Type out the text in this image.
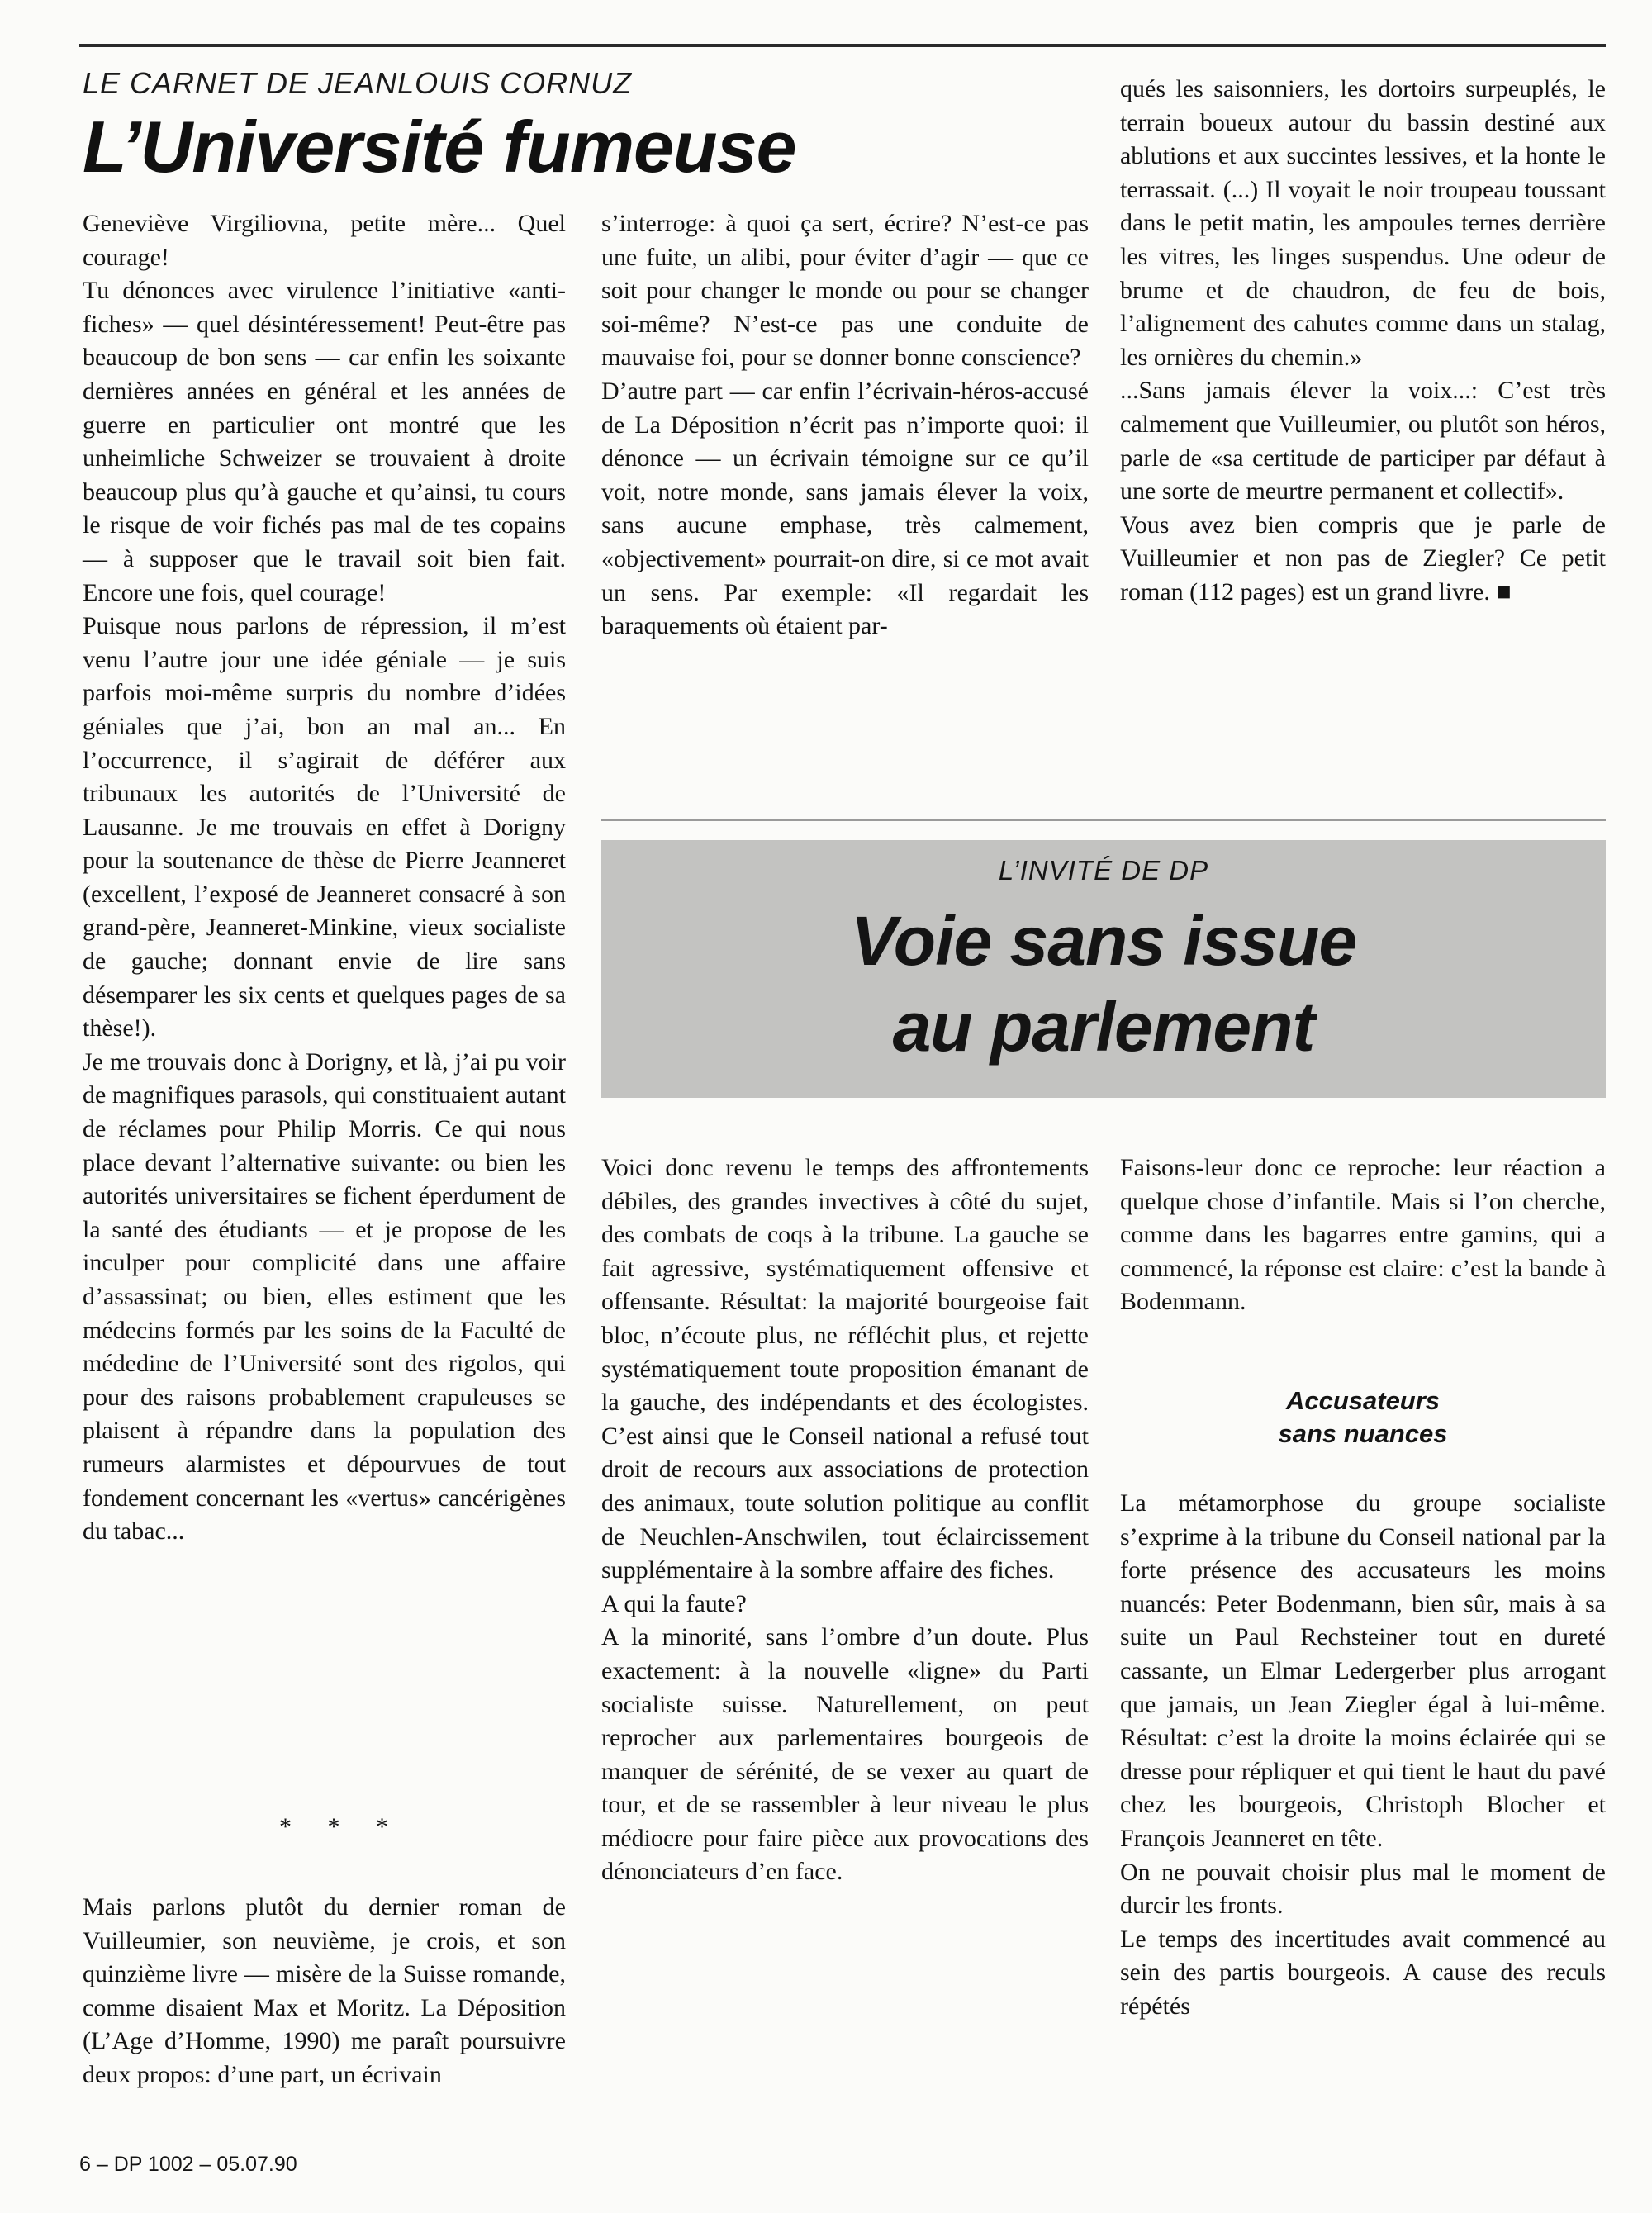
LE CARNET DE JEANLOUIS CORNUZ
L’Université fumeuse

Geneviève Virgiliovna, petite mère... Quel courage!

Tu dénonces avec virulence l’initiative «anti-fiches» — quel désintéressement! Peut-être pas beaucoup de bon sens — car enfin les soixante dernières années en général et les années de guerre en particulier ont montré que les unheimliche Schweizer se trouvaient à droite beaucoup plus qu’à gauche et qu’ainsi, tu cours le risque de voir fichés pas mal de tes copains — à supposer que le travail soit bien fait. Encore une fois, quel courage!

Puisque nous parlons de répression, il m’est venu l’autre jour une idée géniale — je suis parfois moi-même surpris du nombre d’idées géniales que j’ai, bon an mal an... En l’occurrence, il s’agirait de déférer aux tribunaux les autorités de l’Université de Lausanne. Je me trouvais en effet à Dorigny pour la soutenance de thèse de Pierre Jeanneret (excellent, l’exposé de Jeanneret consacré à son grand-père, Jeanneret-Minkine, vieux socialiste de gauche; donnant envie de lire sans désemparer les six cents et quelques pages de sa thèse!).

Je me trouvais donc à Dorigny, et là, j’ai pu voir de magnifiques parasols, qui constituaient autant de réclames pour Philip Morris. Ce qui nous place devant l’alternative suivante: ou bien les autorités universitaires se fichent éperdument de la santé des étudiants — et je propose de les inculper pour complicité dans une affaire d’assassinat; ou bien, elles estiment que les médecins formés par les soins de la Faculté de médedine de l’Université sont des rigolos, qui pour des raisons probablement crapuleuses se plaisent à répandre dans la population des rumeurs alarmistes et dépourvues de tout fondement concernant les «vertus» cancérigènes du tabac...

* * *

Mais parlons plutôt du dernier roman de Vuilleumier, son neuvième, je crois, et son quinzième livre — misère de la Suisse romande, comme disaient Max et Moritz. La Déposition (L’Age d’Homme, 1990) me paraît poursuivre deux propos: d’une part, un écrivain

s’interroge: à quoi ça sert, écrire? N’est-ce pas une fuite, un alibi, pour éviter d’agir — que ce soit pour changer le monde ou pour se changer soi-même? N’est-ce pas une conduite de mauvaise foi, pour se donner bonne conscience?

D’autre part — car enfin l’écrivain-héros-accusé de La Déposition n’écrit pas n’importe quoi: il dénonce — un écrivain témoigne sur ce qu’il voit, notre monde, sans jamais élever la voix, sans aucune emphase, très calmement, «objectivement» pourrait-on dire, si ce mot avait un sens. Par exemple: «Il regardait les baraquements où étaient par-

qués les saisonniers, les dortoirs surpeuplés, le terrain boueux autour du bassin destiné aux ablutions et aux succintes lessives, et la honte le terrassait. (...) Il voyait le noir troupeau toussant dans le petit matin, les ampoules ternes derrière les vitres, les linges suspendus. Une odeur de brume et de chaudron, de feu de bois, l’alignement des cahutes comme dans un stalag, les ornières du chemin.»

...Sans jamais élever la voix...: C’est très calmement que Vuilleumier, ou plutôt son héros, parle de «sa certitude de participer par défaut à une sorte de meurtre permanent et collectif».

Vous avez bien compris que je parle de Vuilleumier et non pas de Ziegler? Ce petit roman (112 pages) est un grand livre. ■

L’INVITÉ DE DP
Voie sans issue
au parlement

Voici donc revenu le temps des affrontements débiles, des grandes invectives à côté du sujet, des combats de coqs à la tribune. La gauche se fait agressive, systématiquement offensive et offensante. Résultat: la majorité bourgeoise fait bloc, n’écoute plus, ne réfléchit plus, et rejette systématiquement toute proposition émanant de la gauche, des indépendants et des écologistes. C’est ainsi que le Conseil national a refusé tout droit de recours aux associations de protection des animaux, toute solution politique au conflit de Neuchlen-Anschwilen, tout éclaircissement supplémentaire à la sombre affaire des fiches.

A qui la faute?

A la minorité, sans l’ombre d’un doute. Plus exactement: à la nouvelle «ligne» du Parti socialiste suisse. Naturellement, on peut reprocher aux parlementaires bourgeois de manquer de sérénité, de se vexer au quart de tour, et de se rassembler à leur niveau le plus médiocre pour faire pièce aux provocations des dénonciateurs d’en face.

Faisons-leur donc ce reproche: leur réaction a quelque chose d’infantile. Mais si l’on cherche, comme dans les bagarres entre gamins, qui a commencé, la réponse est claire: c’est la bande à Bodenmann.

Accusateurs
sans nuances

La métamorphose du groupe socialiste s’exprime à la tribune du Conseil national par la forte présence des accusateurs les moins nuancés: Peter Bodenmann, bien sûr, mais à sa suite un Paul Rechsteiner tout en dureté cassante, un Elmar Ledergerber plus arrogant que jamais, un Jean Ziegler égal à lui-même. Résultat: c’est la droite la moins éclairée qui se dresse pour répliquer et qui tient le haut du pavé chez les bourgeois, Christoph Blocher et François Jeanneret en tête.

On ne pouvait choisir plus mal le moment de durcir les fronts.

Le temps des incertitudes avait commencé au sein des partis bourgeois. A cause des reculs répétés

6 – DP 1002 – 05.07.90
